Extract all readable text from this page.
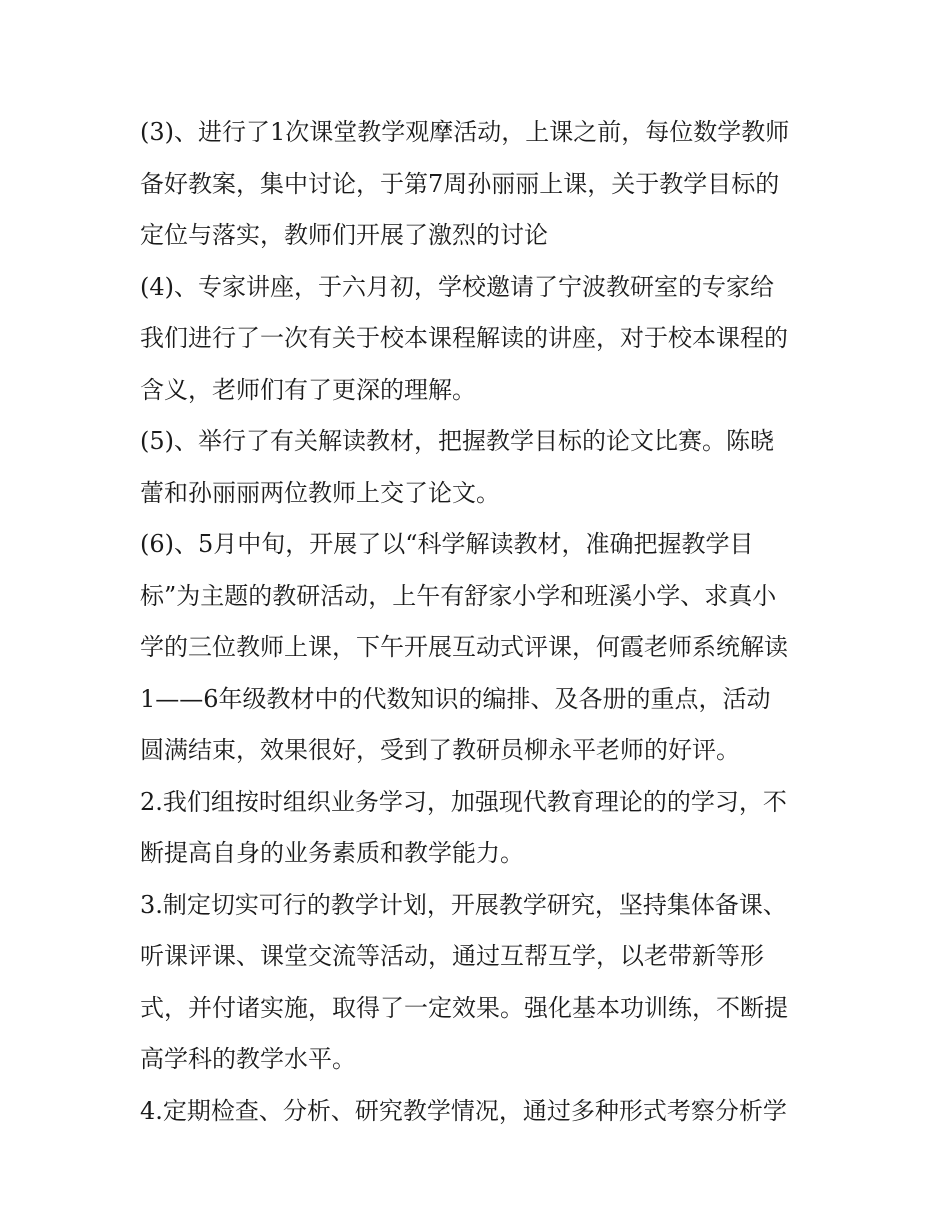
(3)、进行了1次课堂教学观摩活动，上课之前，每位数学教师
备好教案，集中讨论，于第7周孙丽丽上课，关于教学目标的
定位与落实，教师们开展了激烈的讨论
(4)、专家讲座，于六月初，学校邀请了宁波教研室的专家给
我们进行了一次有关于校本课程解读的讲座，对于校本课程的
含义，老师们有了更深的理解。
(5)、举行了有关解读教材，把握教学目标的论文比赛。陈晓
蕾和孙丽丽两位教师上交了论文。
(6)、5月中旬，开展了以“科学解读教材，准确把握教学目
标”为主题的教研活动，上午有舒家小学和班溪小学、求真小
学的三位教师上课，下午开展互动式评课，何霞老师系统解读
1——6年级教材中的代数知识的编排、及各册的重点，活动
圆满结束，效果很好，受到了教研员柳永平老师的好评。
2.我们组按时组织业务学习，加强现代教育理论的的学习，不
断提高自身的业务素质和教学能力。
3.制定切实可行的教学计划，开展教学研究，坚持集体备课、
听课评课、课堂交流等活动，通过互帮互学，以老带新等形
式，并付诸实施，取得了一定效果。强化基本功训练，不断提
高学科的教学水平。
4.定期检查、分析、研究教学情况，通过多种形式考察分析学
